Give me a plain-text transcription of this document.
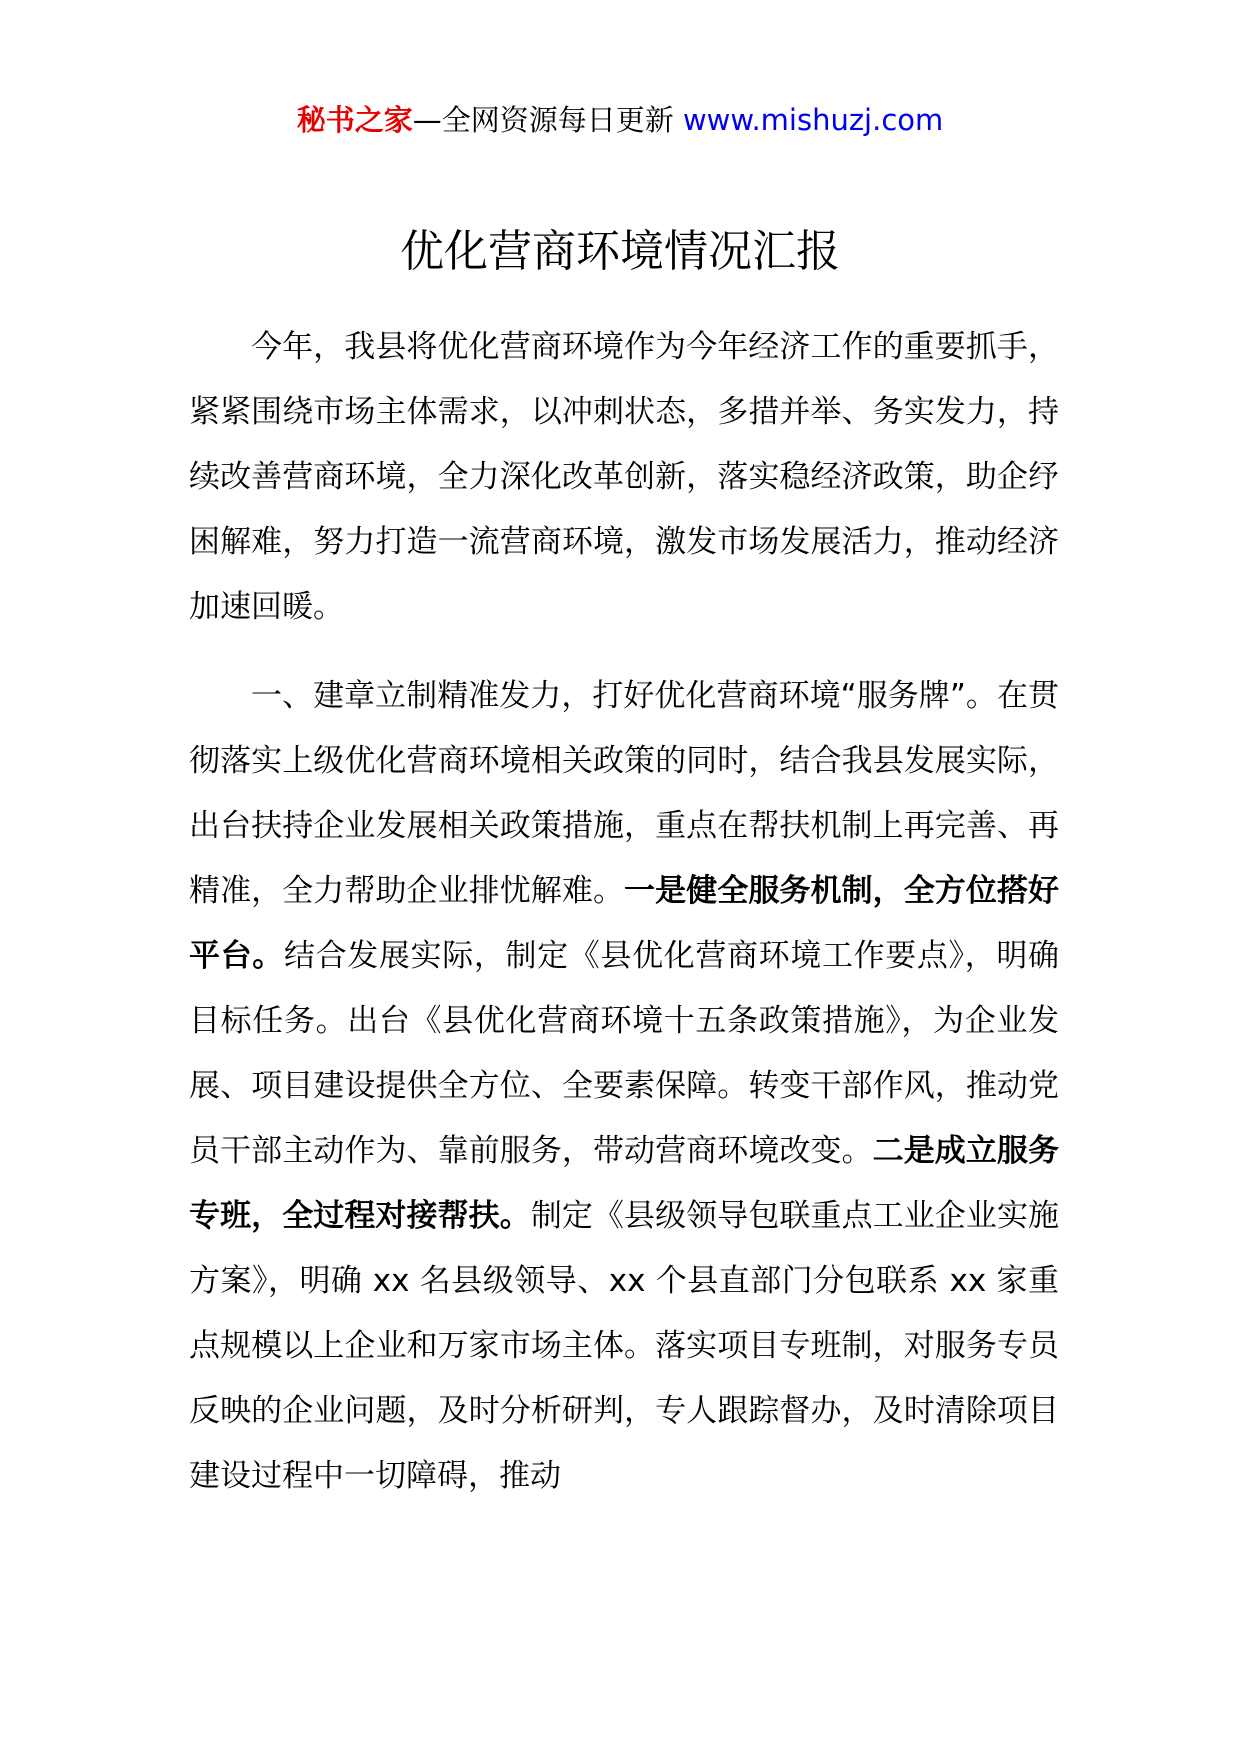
秘书之家—全网资源每日更新 www.mishuzj.com
优化营商环境情况汇报

今年，我县将优化营商环境作为今年经济工作的重要抓手，紧紧围绕市场主体需求，以冲刺状态，多措并举、务实发力，持续改善营商环境，全力深化改革创新，落实稳经济政策，助企纾困解难，努力打造一流营商环境，激发市场发展活力，推动经济加速回暖。

一、建章立制精准发力，打好优化营商环境“服务牌”。在贯彻落实上级优化营商环境相关政策的同时，结合我县发展实际，出台扶持企业发展相关政策措施，重点在帮扶机制上再完善、再精准，全力帮助企业排忧解难。一是健全服务机制，全方位搭好平台。结合发展实际，制定《县优化营商环境工作要点》，明确目标任务。出台《县优化营商环境十五条政策措施》，为企业发展、项目建设提供全方位、全要素保障。转变干部作风，推动党员干部主动作为、靠前服务，带动营商环境改变。二是成立服务专班，全过程对接帮扶。制定《县级领导包联重点工业企业实施方案》，明确 xx 名县级领导、xx 个县直部门分包联系 xx 家重点规模以上企业和万家市场主体。落实项目专班制，对服务专员反映的企业问题，及时分析研判，专人跟踪督办，及时清除项目建设过程中一切障碍，推动
